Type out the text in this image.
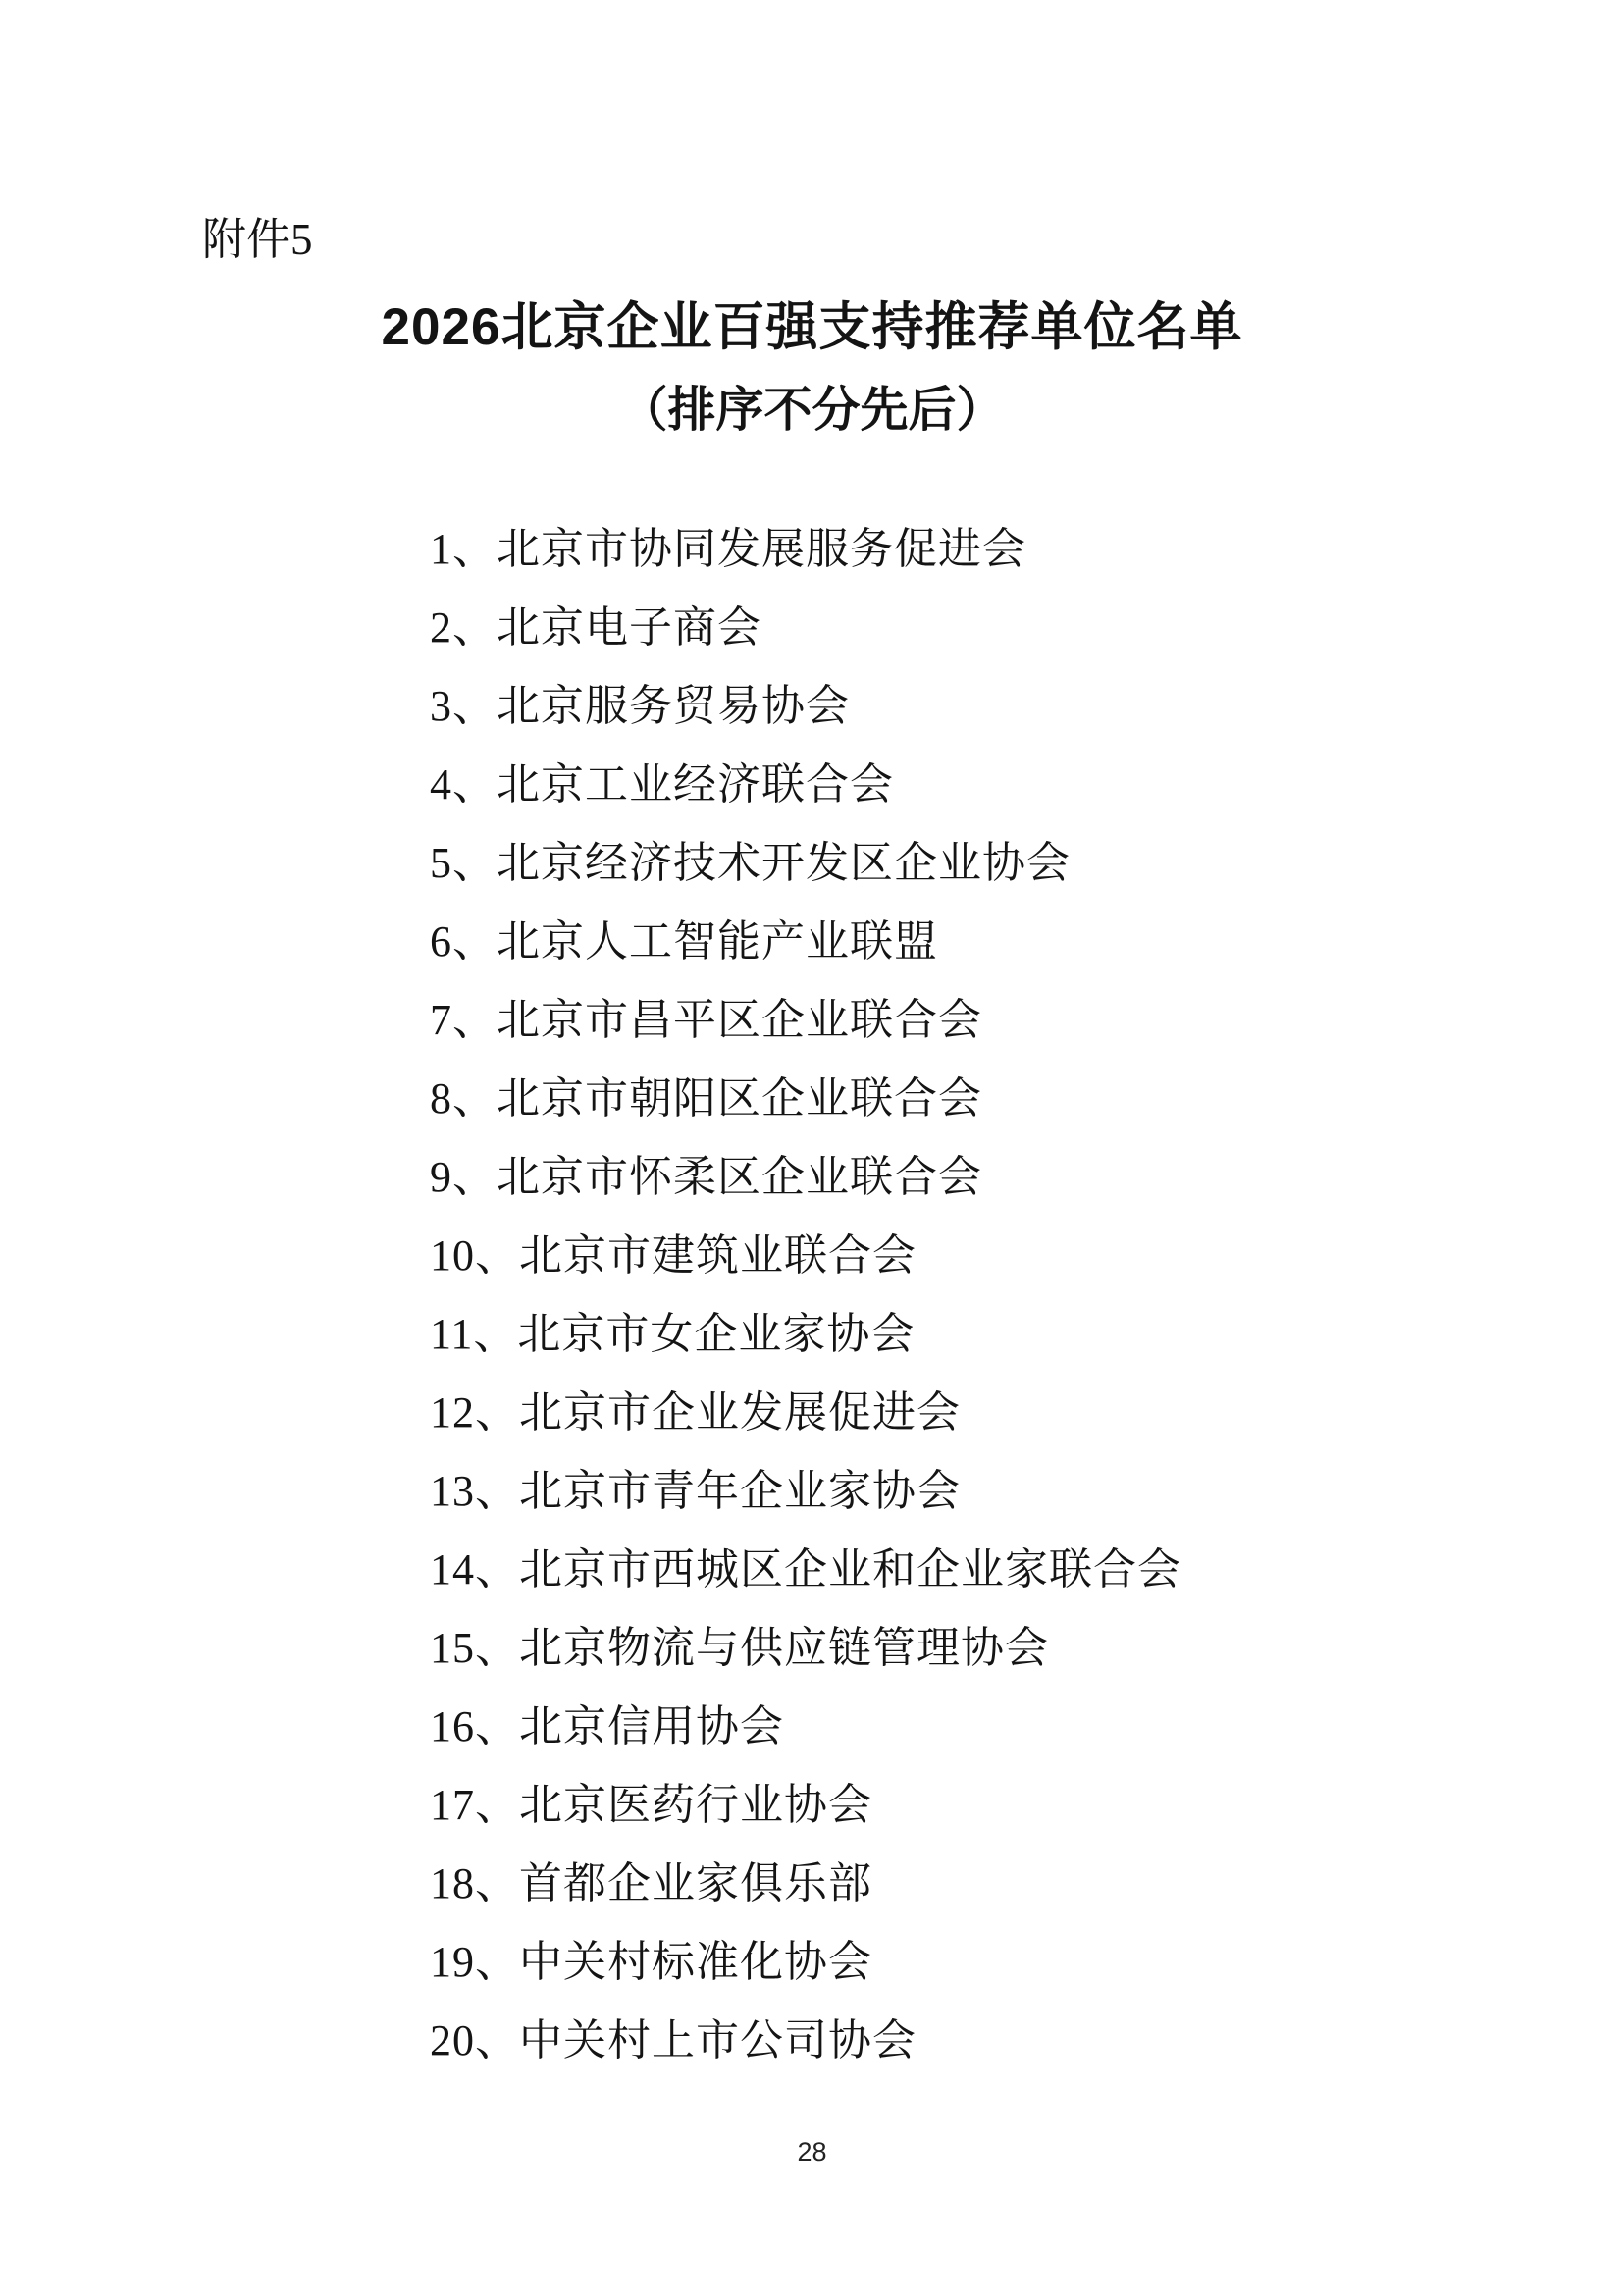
附件5
2026北京企业百强支持推荐单位名单
（排序不分先后）
1、北京市协同发展服务促进会
2、北京电子商会
3、北京服务贸易协会
4、北京工业经济联合会
5、北京经济技术开发区企业协会
6、北京人工智能产业联盟
7、北京市昌平区企业联合会
8、北京市朝阳区企业联合会
9、北京市怀柔区企业联合会
10、北京市建筑业联合会
11、北京市女企业家协会
12、北京市企业发展促进会
13、北京市青年企业家协会
14、北京市西城区企业和企业家联合会
15、北京物流与供应链管理协会
16、北京信用协会
17、北京医药行业协会
18、首都企业家俱乐部
19、中关村标准化协会
20、中关村上市公司协会
28
